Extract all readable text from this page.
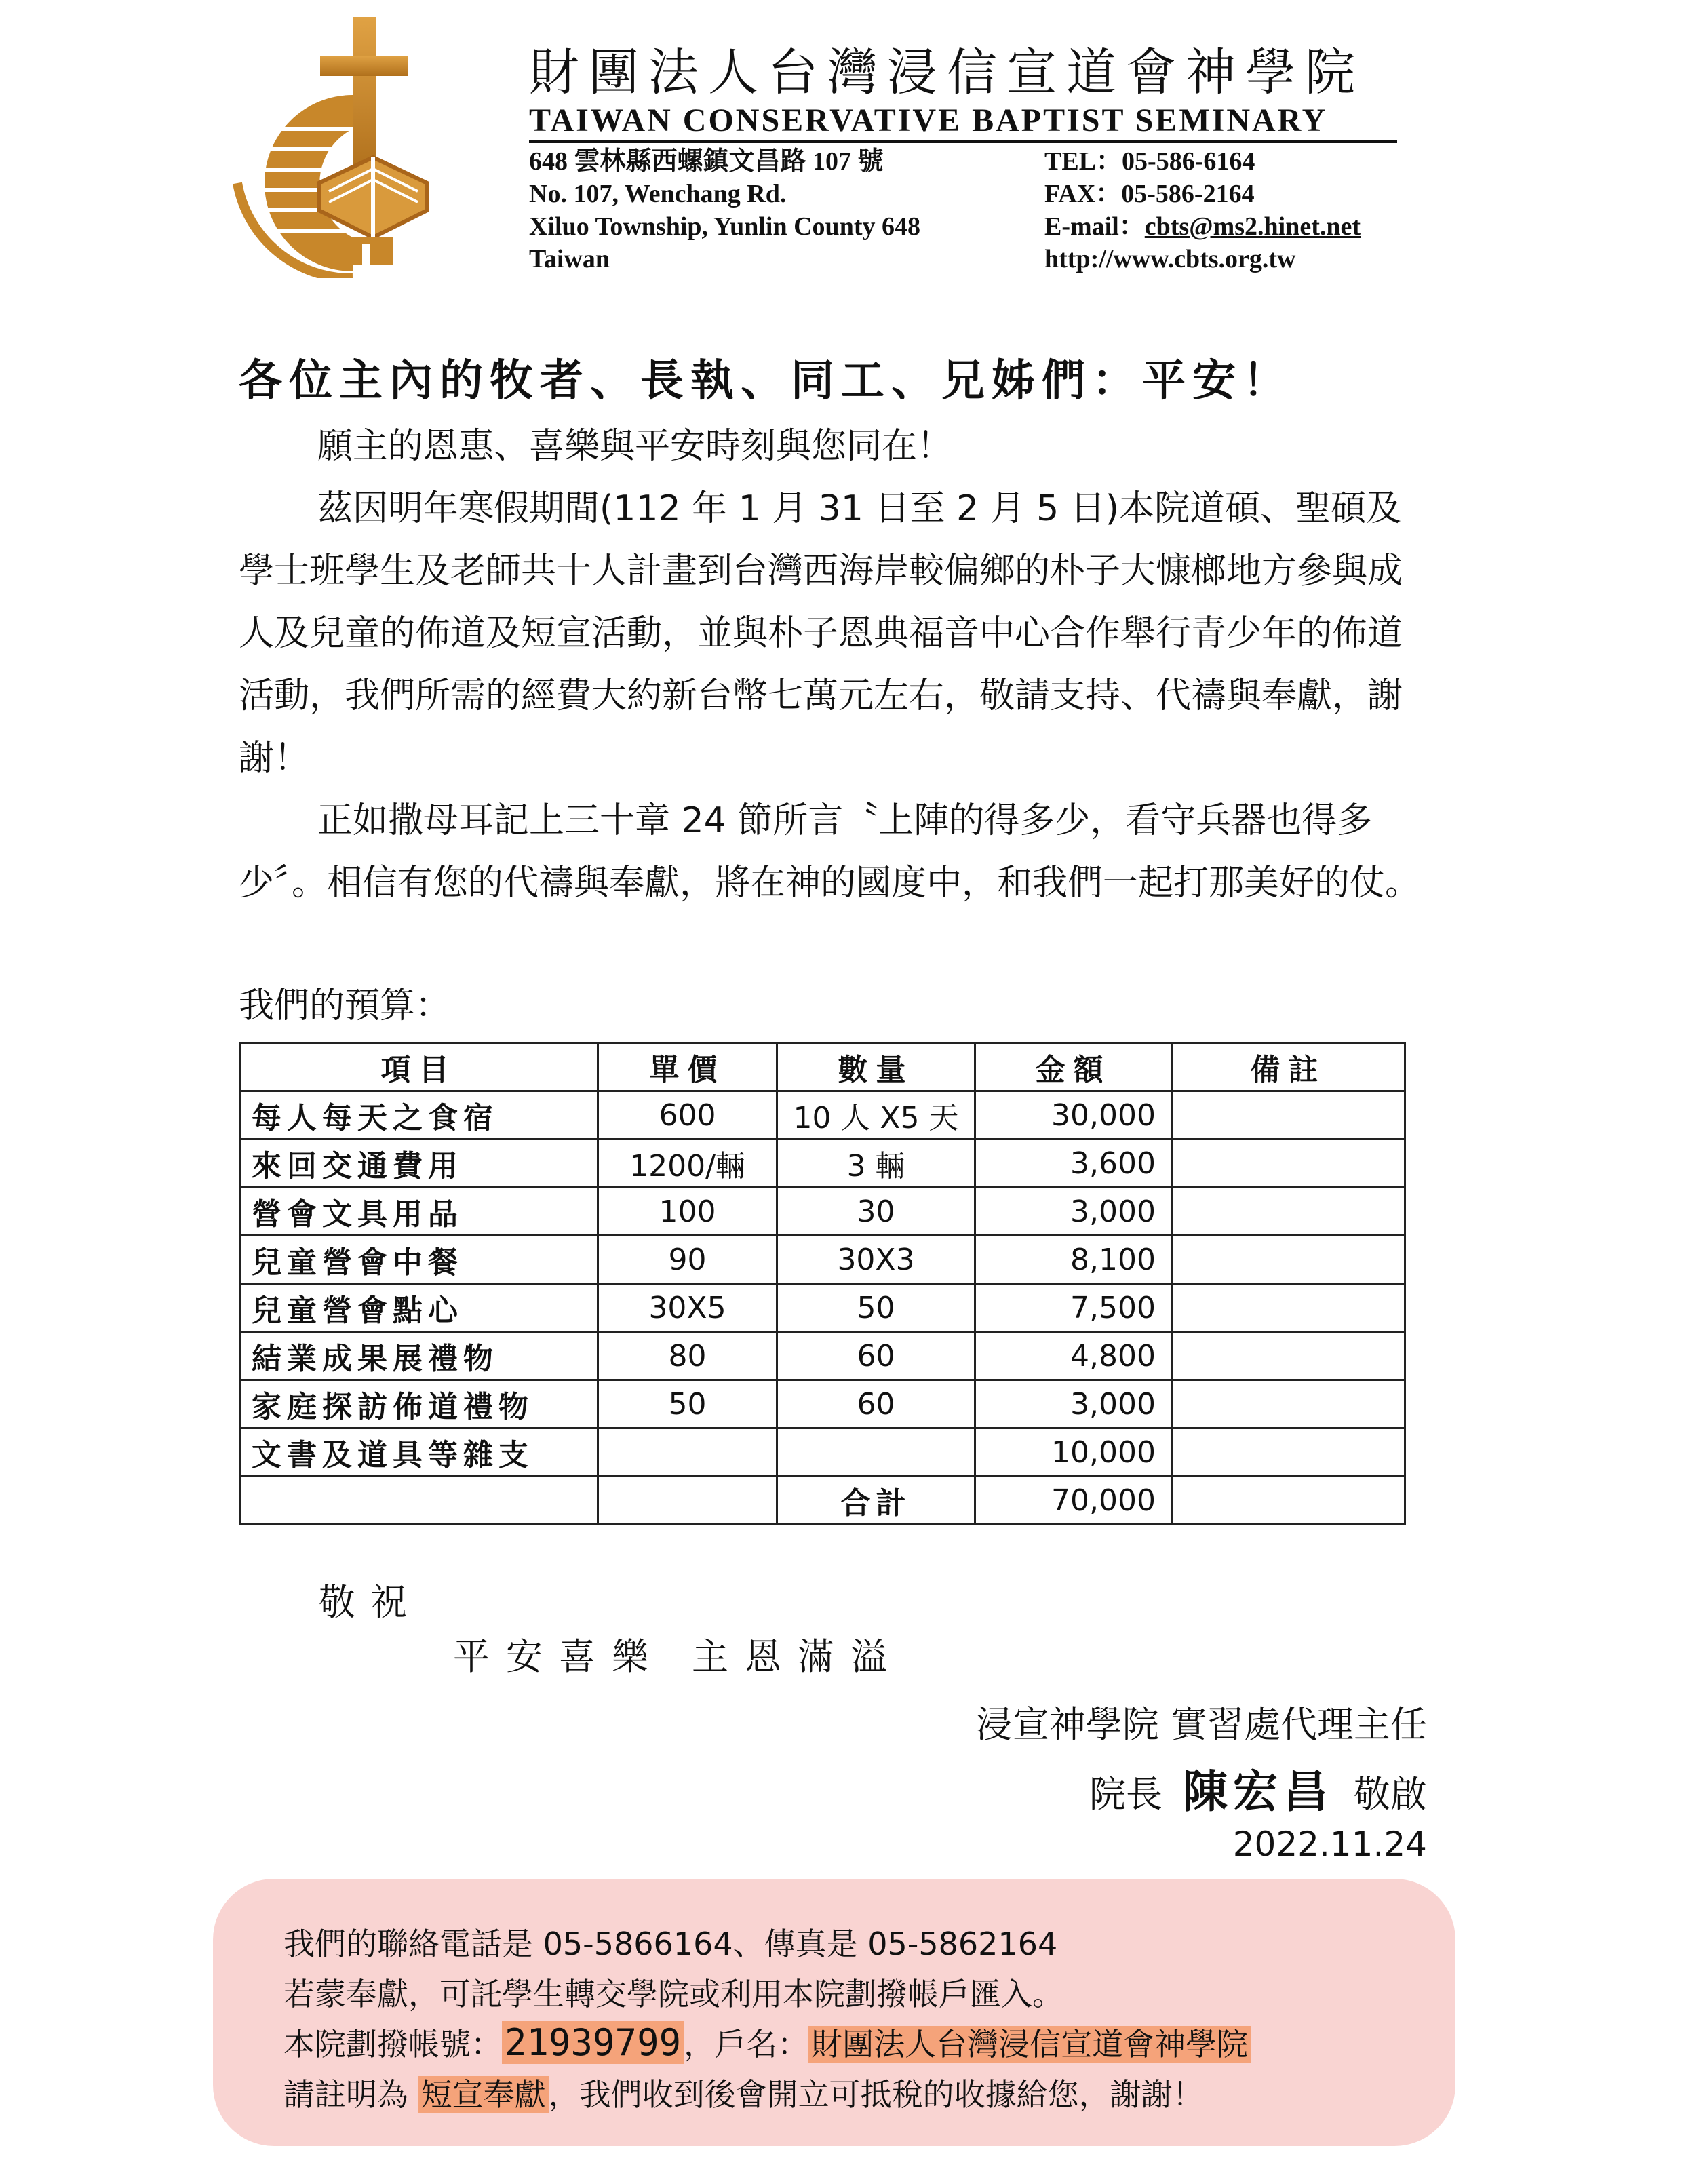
財團法人台灣浸信宣道會神學院
TAIWAN CONSERVATIVE BAPTIST SEMINARY
648 雲林縣西螺鎮文昌路 107 號
No. 107, Wenchang Rd.
Xiluo Township, Yunlin County 648
Taiwan
TEL：05-586-6164
FAX：05-586-2164
E-mail：cbts@ms2.hinet.net
http://www.cbts.org.tw
各位主內的牧者、長執、同工、兄姊們：平安！

願主的恩惠、喜樂與平安時刻與您同在！

茲因明年寒假期間(112 年 1 月 31 日至 2 月 5 日)本院道碩、聖碩及學士班學生及老師共十人計畫到台灣西海岸較偏鄉的朴子大慷榔地方參與成人及兒童的佈道及短宣活動，並與朴子恩典福音中心合作舉行青少年的佈道活動，我們所需的經費大約新台幣七萬元左右，敬請支持、代禱與奉獻，謝謝！

正如撒母耳記上三十章 24 節所言〝上陣的得多少，看守兵器也得多少〞。相信有您的代禱與奉獻，將在神的國度中，和我們一起打那美好的仗。

我們的預算：
項目	單價	數量	金額	備註
每人每天之食宿	600	10 人 X5 天	30,000	
來回交通費用	1200/輛	3 輛	3,600	
營會文具用品	100	30	3,000	
兒童營會中餐	90	30X3	8,100	
兒童營會點心	30X5	50	7,500	
結業成果展禮物	80	60	4,800	
家庭探訪佈道禮物	50	60	3,000	
文書及道具等雜支			10,000	
		合計	70,000	
敬祝
平安喜樂 主恩滿溢
浸宣神學院 實習處代理主任
院長 陳宏昌 敬啟
2022.11.24
我們的聯絡電話是 05-5866164、傳真是 05-5862164
若蒙奉獻，可託學生轉交學院或利用本院劃撥帳戶匯入。
本院劃撥帳號：21939799，戶名：財團法人台灣浸信宣道會神學院
請註明為 短宣奉獻，我們收到後會開立可抵稅的收據給您，謝謝！
